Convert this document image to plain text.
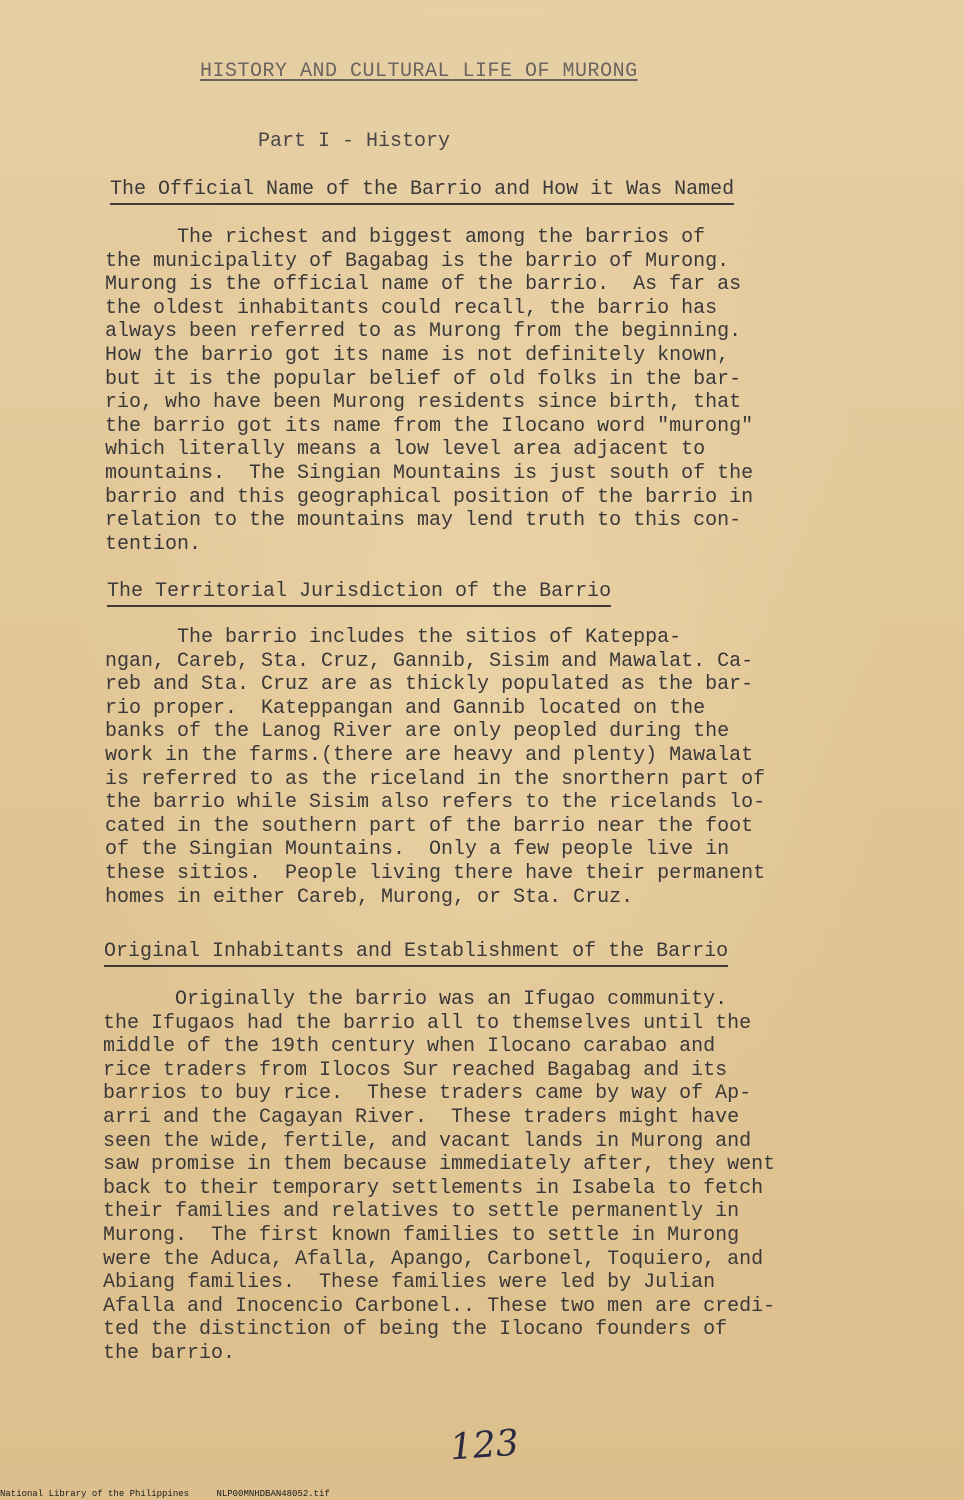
HISTORY AND CULTURAL LIFE OF MURONG
Part I - History
The Official Name of the Barrio and How it Was Named
The richest and biggest among the barrios of
the municipality of Bagabag is the barrio of Murong.
Murong is the official name of the barrio.  As far as
the oldest inhabitants could recall, the barrio has
always been referred to as Murong from the beginning.
How the barrio got its name is not definitely known,
but it is the popular belief of old folks in the bar-
rio, who have been Murong residents since birth, that
the barrio got its name from the Ilocano word "murong"
which literally means a low level area adjacent to
mountains.  The Singian Mountains is just south of the
barrio and this geographical position of the barrio in
relation to the mountains may lend truth to this con-
tention.
The Territorial Jurisdiction of the Barrio
The barrio includes the sitios of Kateppa-
ngan, Careb, Sta. Cruz, Gannib, Sisim and Mawalat. Ca-
reb and Sta. Cruz are as thickly populated as the bar-
rio proper.  Kateppangan and Gannib located on the
banks of the Lanog River are only peopled during the
work in the farms.(there are heavy and plenty) Mawalat
is referred to as the riceland in the snorthern part of
the barrio while Sisim also refers to the ricelands lo-
cated in the southern part of the barrio near the foot
of the Singian Mountains.  Only a few people live in
these sitios.  People living there have their permanent
homes in either Careb, Murong, or Sta. Cruz.
Original Inhabitants and Establishment of the Barrio
Originally the barrio was an Ifugao community.
the Ifugaos had the barrio all to themselves until the
middle of the 19th century when Ilocano carabao and
rice traders from Ilocos Sur reached Bagabag and its
barrios to buy rice.  These traders came by way of Ap-
arri and the Cagayan River.  These traders might have
seen the wide, fertile, and vacant lands in Murong and
saw promise in them because immediately after, they went
back to their temporary settlements in Isabela to fetch
their families and relatives to settle permanently in
Murong.  The first known families to settle in Murong
were the Aduca, Afalla, Apango, Carbonel, Toquiero, and
Abiang families.  These families were led by Julian
Afalla and Inocencio Carbonel.. These two men are credi-
ted the distinction of being the Ilocano founders of
the barrio.
123
National Library of the Philippines	NLP00MNHDBAN48052.tif
